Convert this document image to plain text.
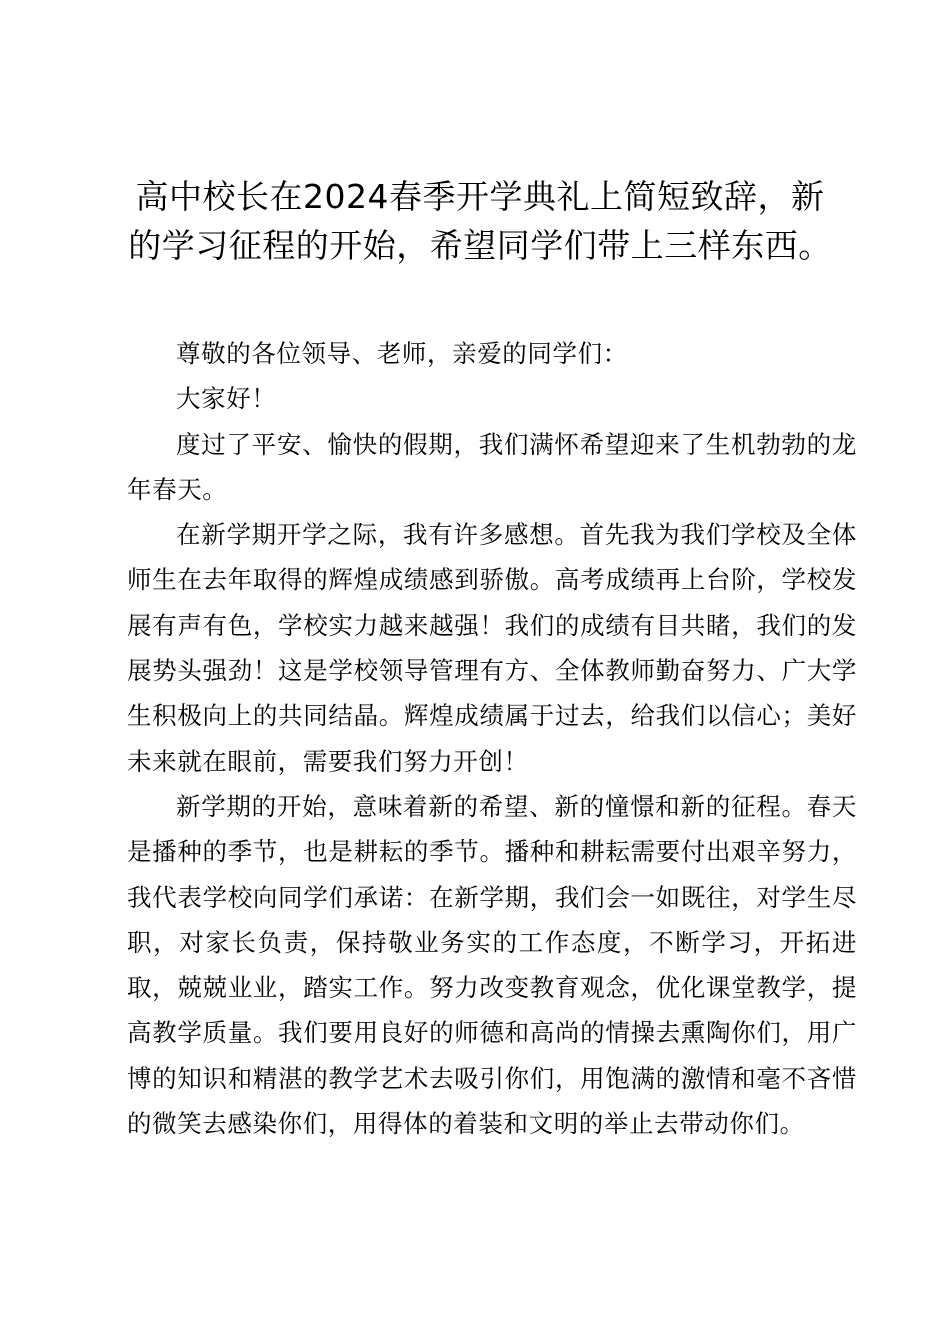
高中校长在2024春季开学典礼上简短致辞，新的学习征程的开始，希望同学们带上三样东西。

尊敬的各位领导、老师，亲爱的同学们：

大家好！

度过了平安、愉快的假期，我们满怀希望迎来了生机勃勃的龙年春天。

在新学期开学之际，我有许多感想。首先我为我们学校及全体师生在去年取得的辉煌成绩感到骄傲。高考成绩再上台阶，学校发展有声有色，学校实力越来越强！我们的成绩有目共睹，我们的发展势头强劲！这是学校领导管理有方、全体教师勤奋努力、广大学生积极向上的共同结晶。辉煌成绩属于过去，给我们以信心；美好未来就在眼前，需要我们努力开创！

新学期的开始，意味着新的希望、新的憧憬和新的征程。春天是播种的季节，也是耕耘的季节。播种和耕耘需要付出艰辛努力，我代表学校向同学们承诺：在新学期，我们会一如既往，对学生尽职，对家长负责，保持敬业务实的工作态度，不断学习，开拓进取，兢兢业业，踏实工作。努力改变教育观念，优化课堂教学，提高教学质量。我们要用良好的师德和高尚的情操去熏陶你们，用广博的知识和精湛的教学艺术去吸引你们，用饱满的激情和毫不吝惜的微笑去感染你们，用得体的着装和文明的举止去带动你们。
